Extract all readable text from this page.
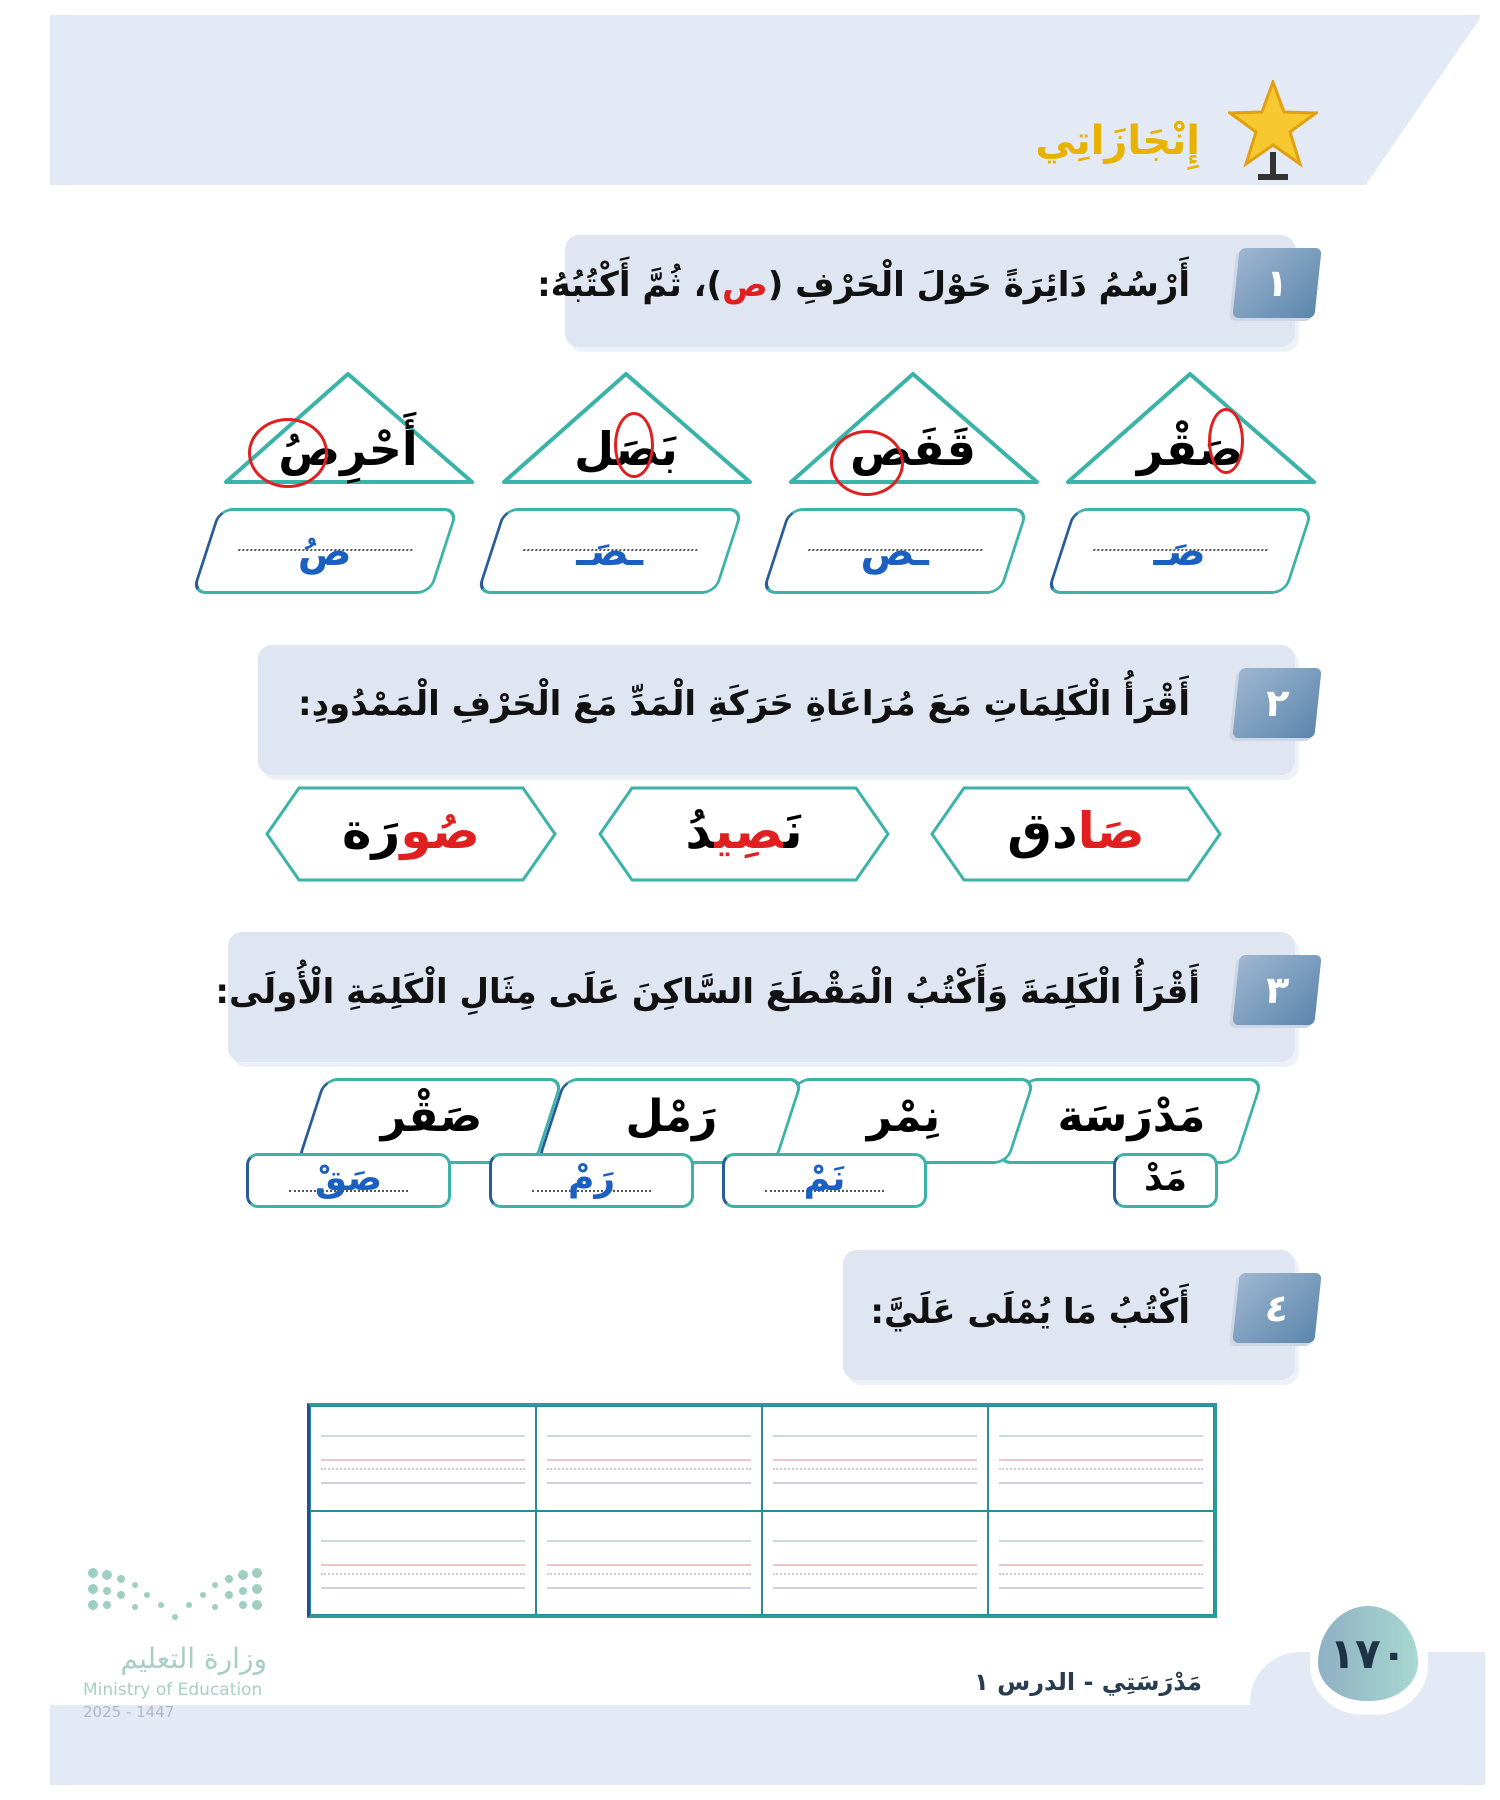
إِنْجَازَاتِي
١
أَرْسُمُ دَائِرَةً حَوْلَ الْحَرْفِ (ص)، ثُمَّ أَكْتُبُهُ:
صَقْر
قَفَص
بَصَل
أَحْرِصُ
صَـ
ـص
ـصَـ
صُ
٢
أَقْرَأُ الْكَلِمَاتِ مَعَ مُرَاعَاةِ حَرَكَةِ الْمَدِّ مَعَ الْحَرْفِ الْمَمْدُودِ:
صَادق
نَصِيدُ
صُورَة
٣
أَقْرَأُ الْكَلِمَةَ وَأَكْتُبُ الْمَقْطَعَ السَّاكِنَ عَلَى مِثَالِ الْكَلِمَةِ الْأُولَى:
مَدْرَسَة
نِمْر
رَمْل
صَقْر
مَدْ
نَمْ
رَمْ
صَقْ
٤
أَكْتُبُ مَا يُمْلَى عَلَيَّ:
١٧٠
مَدْرَسَتِي - الدرس ١
وزارة التعليم
Ministry of Education
2025 - 1447
